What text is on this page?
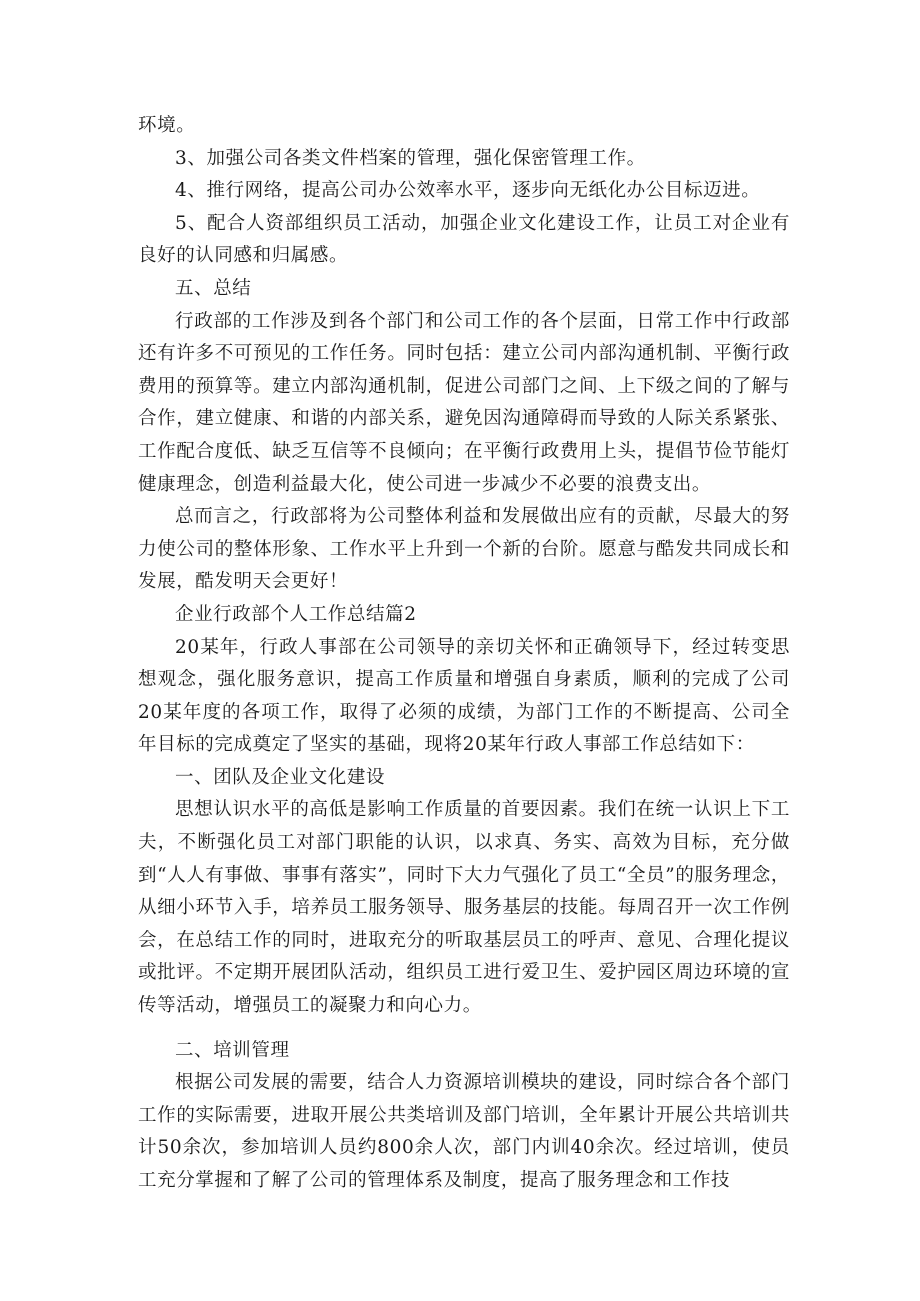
环境。

3、加强公司各类文件档案的管理，强化保密管理工作。

4、推行网络，提高公司办公效率水平，逐步向无纸化办公目标迈进。

5、配合人资部组织员工活动，加强企业文化建设工作，让员工对企业有良好的认同感和归属感。

五、总结

行政部的工作涉及到各个部门和公司工作的各个层面，日常工作中行政部还有许多不可预见的工作任务。同时包括：建立公司内部沟通机制、平衡行政费用的预算等。建立内部沟通机制，促进公司部门之间、上下级之间的了解与合作，建立健康、和谐的内部关系，避免因沟通障碍而导致的人际关系紧张、工作配合度低、缺乏互信等不良倾向；在平衡行政费用上头，提倡节俭节能灯健康理念，创造利益最大化，使公司进一步减少不必要的浪费支出。

总而言之，行政部将为公司整体利益和发展做出应有的贡献，尽最大的努力使公司的整体形象、工作水平上升到一个新的台阶。愿意与酷发共同成长和发展，酷发明天会更好！

企业行政部个人工作总结篇2

20某年，行政人事部在公司领导的亲切关怀和正确领导下，经过转变思想观念，强化服务意识，提高工作质量和增强自身素质，顺利的完成了公司20某年度的各项工作，取得了必须的成绩，为部门工作的不断提高、公司全年目标的完成奠定了坚实的基础，现将20某年行政人事部工作总结如下：

一、团队及企业文化建设

思想认识水平的高低是影响工作质量的首要因素。我们在统一认识上下工夫，不断强化员工对部门职能的认识，以求真、务实、高效为目标，充分做到“人人有事做、事事有落实”，同时下大力气强化了员工“全员”的服务理念，从细小环节入手，培养员工服务领导、服务基层的技能。每周召开一次工作例会，在总结工作的同时，进取充分的听取基层员工的呼声、意见、合理化提议或批评。不定期开展团队活动，组织员工进行爱卫生、爱护园区周边环境的宣传等活动，增强员工的凝聚力和向心力。

二、培训管理

根据公司发展的需要，结合人力资源培训模块的建设，同时综合各个部门工作的实际需要，进取开展公共类培训及部门培训，全年累计开展公共培训共计50余次，参加培训人员约800余人次，部门内训40余次。经过培训，使员工充分掌握和了解了公司的管理体系及制度，提高了服务理念和工作技
